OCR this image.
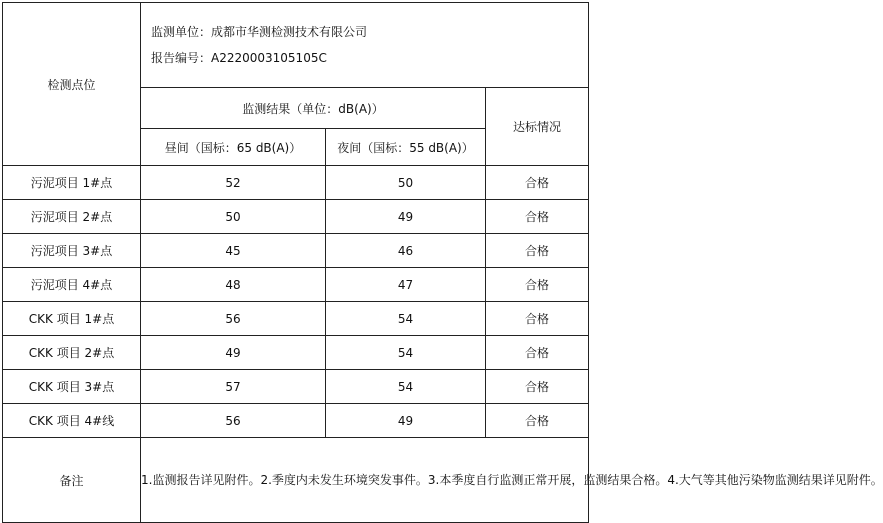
检测点位	监测单位：成都市华测检测技术有限公司
报告编号：A2220003105105C		

	监测结果（单位：dB(A)）		达标情况
	昼间（国标：65 dB(A)）	夜间（国标：55 dB(A)）	
污泥项目 1#点	52	50	合格
污泥项目 2#点	50	49	合格
污泥项目 3#点	45	46	合格
污泥项目 4#点	48	47	合格
CKK 项目 1#点	56	54	合格
CKK 项目 2#点	49	54	合格
CKK 项目 3#点	57	54	合格
CKK 项目 4#线	56	49	合格
备注	1.监测报告详见附件。2.季度内未发生环境突发事件。3.本季度自行监测正常开展，监测结果合格。4.大气等其他污染物监测结果详见附件。		
